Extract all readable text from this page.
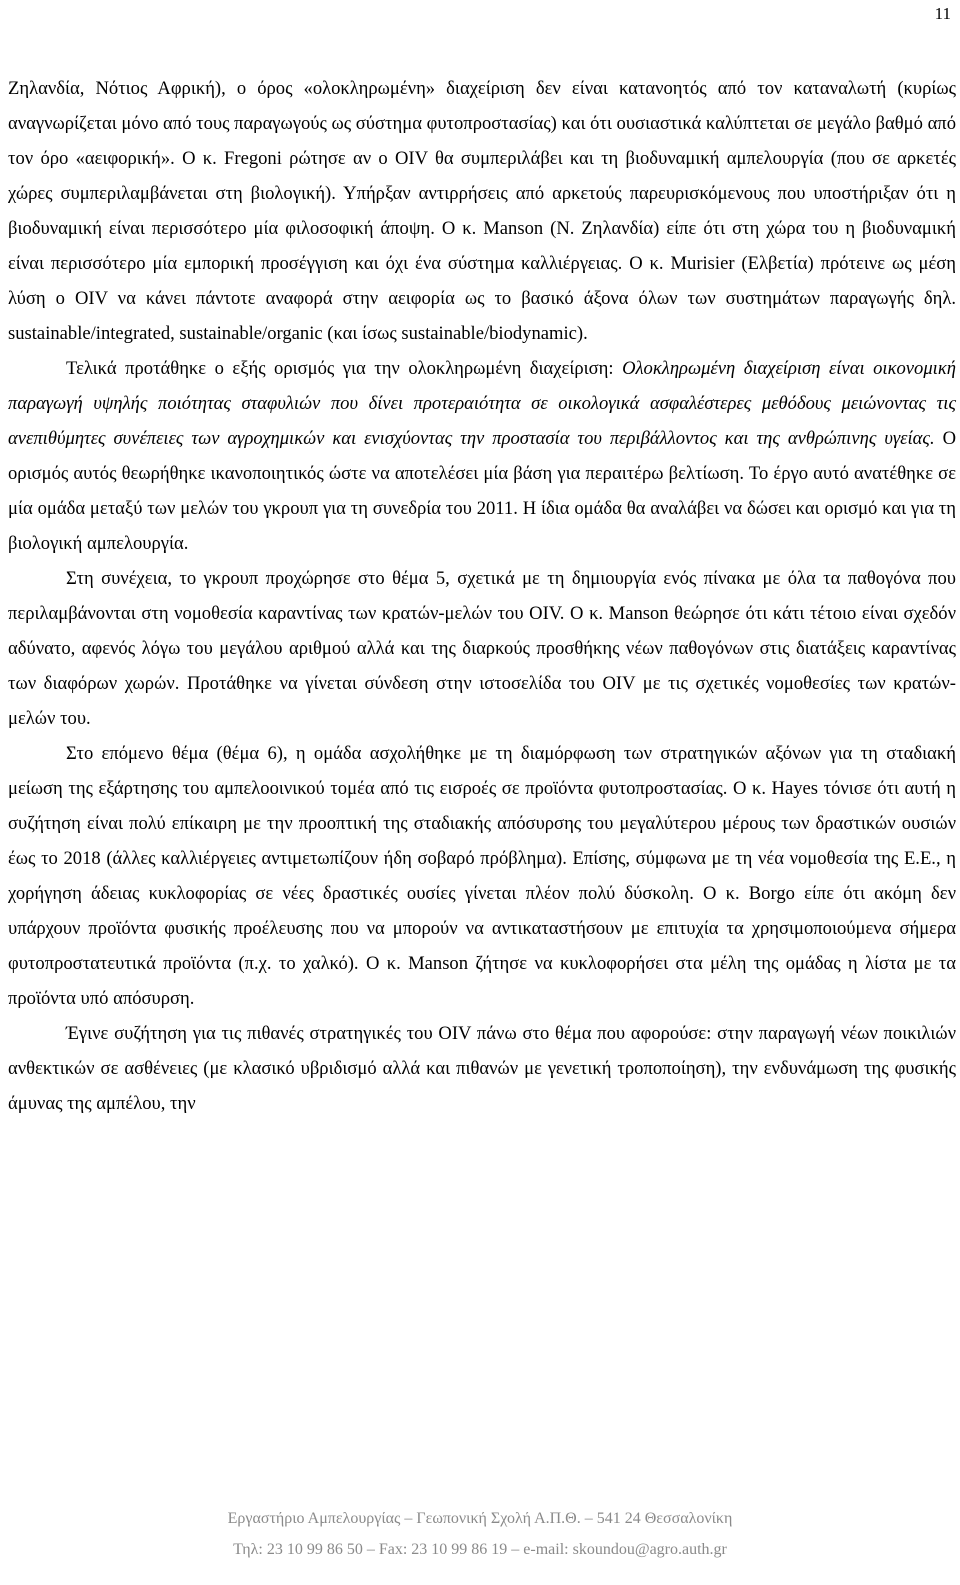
11

Ζηλανδία, Νότιος Αφρική), ο όρος «ολοκληρωμένη» διαχείριση δεν είναι κατανοητός από τον καταναλωτή (κυρίως αναγνωρίζεται μόνο από τους παραγωγούς ως σύστημα φυτοπροστασίας) και ότι ουσιαστικά καλύπτεται σε μεγάλο βαθμό από τον όρο «αειφορική». Ο κ. Fregoni ρώτησε αν ο OIV θα συμπεριλάβει και τη βιοδυναμική αμπελουργία (που σε αρκετές χώρες συμπεριλαμβάνεται στη βιολογική). Υπήρξαν αντιρρήσεις από αρκετούς παρευρισκόμενους που υποστήριξαν ότι η βιοδυναμική είναι περισσότερο μία φιλοσοφική άποψη. Ο κ. Manson (Ν. Ζηλανδία) είπε ότι στη χώρα του η βιοδυναμική είναι περισσότερο μία εμπορική προσέγγιση και όχι ένα σύστημα καλλιέργειας. Ο κ. Murisier (Ελβετία) πρότεινε ως μέση λύση ο OIV να κάνει πάντοτε αναφορά στην αειφορία ως το βασικό άξονα όλων των συστημάτων παραγωγής δηλ. sustainable/integrated, sustainable/organic (και ίσως sustainable/biodynamic).

Τελικά προτάθηκε ο εξής ορισμός για την ολοκληρωμένη διαχείριση: Ολοκληρωμένη διαχείριση είναι οικονομική παραγωγή υψηλής ποιότητας σταφυλιών που δίνει προτεραιότητα σε οικολογικά ασφαλέστερες μεθόδους μειώνοντας τις ανεπιθύμητες συνέπειες των αγροχημικών και ενισχύοντας την προστασία του περιβάλλοντος και της ανθρώπινης υγείας. Ο ορισμός αυτός θεωρήθηκε ικανοποιητικός ώστε να αποτελέσει μία βάση για περαιτέρω βελτίωση. Το έργο αυτό ανατέθηκε σε μία ομάδα μεταξύ των μελών του γκρουπ για τη συνεδρία του 2011. Η ίδια ομάδα θα αναλάβει να δώσει και ορισμό και για τη βιολογική αμπελουργία.

Στη συνέχεια, το γκρουπ προχώρησε στο θέμα 5, σχετικά με τη δημιουργία ενός πίνακα με όλα τα παθογόνα που περιλαμβάνονται στη νομοθεσία καραντίνας των κρατών-μελών του OIV. Ο κ. Manson θεώρησε ότι κάτι τέτοιο είναι σχεδόν αδύνατο, αφενός λόγω του μεγάλου αριθμού αλλά και της διαρκούς προσθήκης νέων παθογόνων στις διατάξεις καραντίνας των διαφόρων χωρών. Προτάθηκε να γίνεται σύνδεση στην ιστοσελίδα του OIV με τις σχετικές νομοθεσίες των κρατών-μελών του.

Στο επόμενο θέμα (θέμα 6), η ομάδα ασχολήθηκε με τη διαμόρφωση των στρατηγικών αξόνων για τη σταδιακή μείωση της εξάρτησης του αμπελοοινικού τομέα από τις εισροές σε προϊόντα φυτοπροστασίας. Ο κ. Hayes τόνισε ότι αυτή η συζήτηση είναι πολύ επίκαιρη με την προοπτική της σταδιακής απόσυρσης του μεγαλύτερου μέρους των δραστικών ουσιών έως το 2018 (άλλες καλλιέργειες αντιμετωπίζουν ήδη σοβαρό πρόβλημα). Επίσης, σύμφωνα με τη νέα νομοθεσία της Ε.Ε., η χορήγηση άδειας κυκλοφορίας σε νέες δραστικές ουσίες γίνεται πλέον πολύ δύσκολη. Ο κ. Borgo είπε ότι ακόμη δεν υπάρχουν προϊόντα φυσικής προέλευσης που να μπορούν να αντικαταστήσουν με επιτυχία τα χρησιμοποιούμενα σήμερα φυτοπροστατευτικά προϊόντα (π.χ. το χαλκό). Ο κ. Manson ζήτησε να κυκλοφορήσει στα μέλη της ομάδας η λίστα με τα προϊόντα υπό απόσυρση.

Έγινε συζήτηση για τις πιθανές στρατηγικές του OIV πάνω στο θέμα που αφορούσε: στην παραγωγή νέων ποικιλιών ανθεκτικών σε ασθένειες (με κλασικό υβριδισμό αλλά και πιθανών με γενετική τροποποίηση), την ενδυνάμωση της φυσικής άμυνας της αμπέλου, την

Εργαστήριο Αμπελουργίας – Γεωπονική Σχολή Α.Π.Θ. – 541 24 Θεσσαλονίκη
Τηλ: 23 10 99 86 50 – Fax: 23 10 99 86 19 – e-mail: skoundou@agro.auth.gr
